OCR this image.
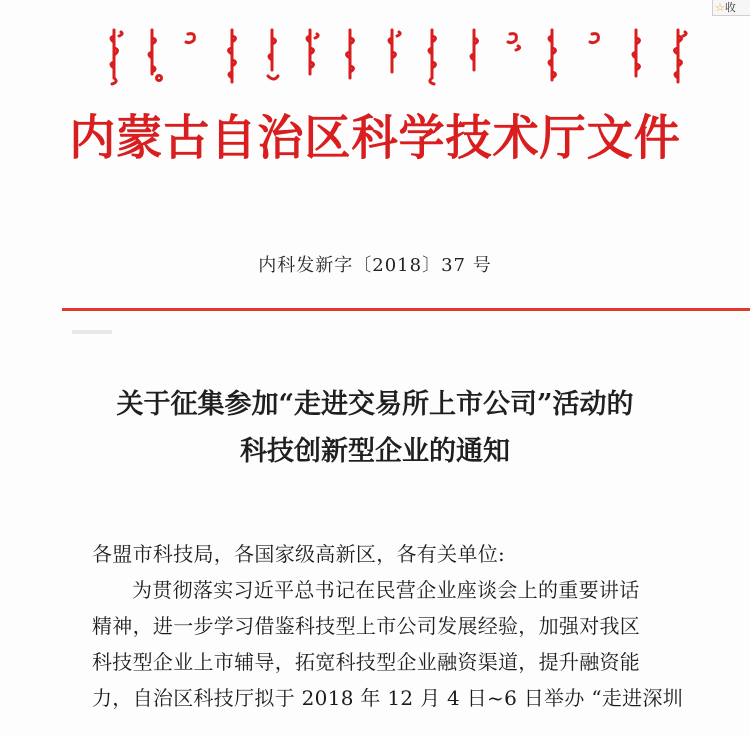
☆收
内蒙古自治区科学技术厅文件
内科发新字〔2018〕37 号
关于征集参加“走进交易所上市公司”活动的
科技创新型企业的通知
各盟市科技局，各国家级高新区，各有关单位:
为贯彻落实习近平总书记在民营企业座谈会上的重要讲话
精神，进一步学习借鉴科技型上市公司发展经验，加强对我区
科技型企业上市辅导，拓宽科技型企业融资渠道，提升融资能
力，自治区科技厅拟于 2018 年 12 月 4 日~6 日举办 “走进深圳
